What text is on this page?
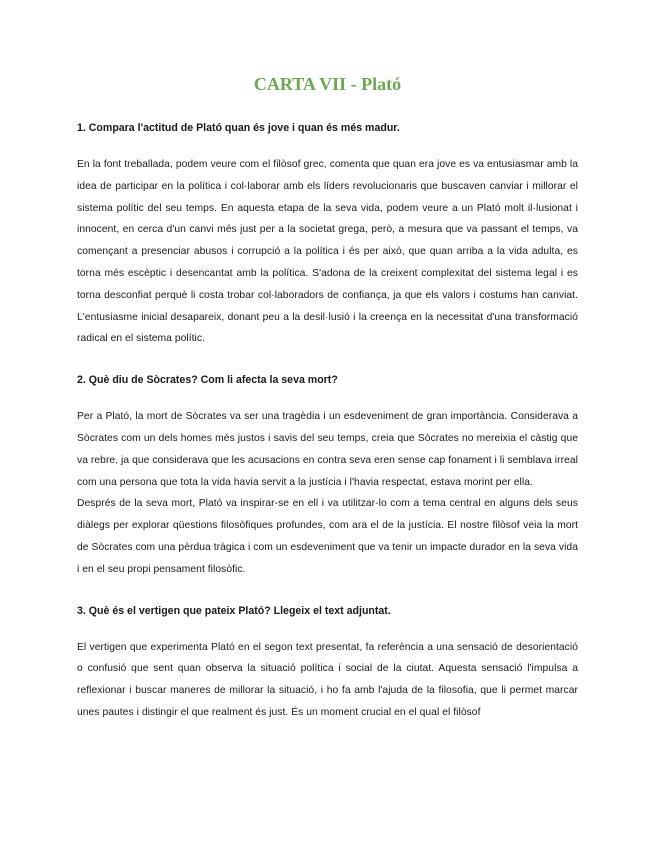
CARTA VII - Plató

1. Compara l'actitud de Plató quan és jove i quan és més madur.

En la font treballada, podem veure com el filòsof grec, comenta que quan era jove es va entusiasmar amb la idea de participar en la política i col·laborar amb els líders revolucionaris que buscaven canviar i millorar el sistema polític del seu temps. En aquesta etapa de la seva vida, podem veure a un Plató molt il·lusionat i innocent, en cerca d'un canvi més just per a la societat grega, però, a mesura que va passant el temps, va començant a presenciar abusos i corrupció a la política i és per això, que quan arriba a la vida adulta, es torna més escèptic i desencantat amb la política. S'adona de la creixent complexitat del sistema legal i es torna desconfiat perquè li costa trobar col·laboradors de confiança, ja que els valors i costums han canviat. L'entusiasme inicial desapareix, donant peu a la desil·lusió i la creença en la necessitat d'una transformació radical en el sistema polític.

2. Què diu de Sòcrates? Com li afecta la seva mort?

Per a Plató, la mort de Sòcrates va ser una tragèdia i un esdeveniment de gran importància. Considerava a Sòcrates com un dels homes més justos i savis del seu temps, creia que Sòcrates no mereixia el càstig que va rebre, ja que considerava que les acusacions en contra seva eren sense cap fonament i li semblava irreal com una persona que tota la vida havia servit a la justícia i l'havia respectat, estava morint per ella.

Després de la seva mort, Plató va inspirar-se en ell i va utilitzar-lo com a tema central en alguns dels seus diàlegs per explorar qüestions filosòfiques profundes, com ara el de la justícia. El nostre filòsof veia la mort de Sòcrates com una pèrdua tràgica i com un esdeveniment que va tenir un impacte durador en la seva vida i en el seu propi pensament filosòfic.

3. Què és el vertigen que pateix Plató? Llegeix el text adjuntat.

El vertigen que experimenta Plató en el segon text presentat, fa referència a una sensació de desorientació o confusió que sent quan observa la situació política i social de la ciutat. Aquesta sensació l'impulsa a reflexionar i buscar maneres de millorar la situació, i ho fa amb l'ajuda de la filosofia, que li permet marcar unes pautes i distingir el que realment és just. És un moment crucial en el qual el filòsof
